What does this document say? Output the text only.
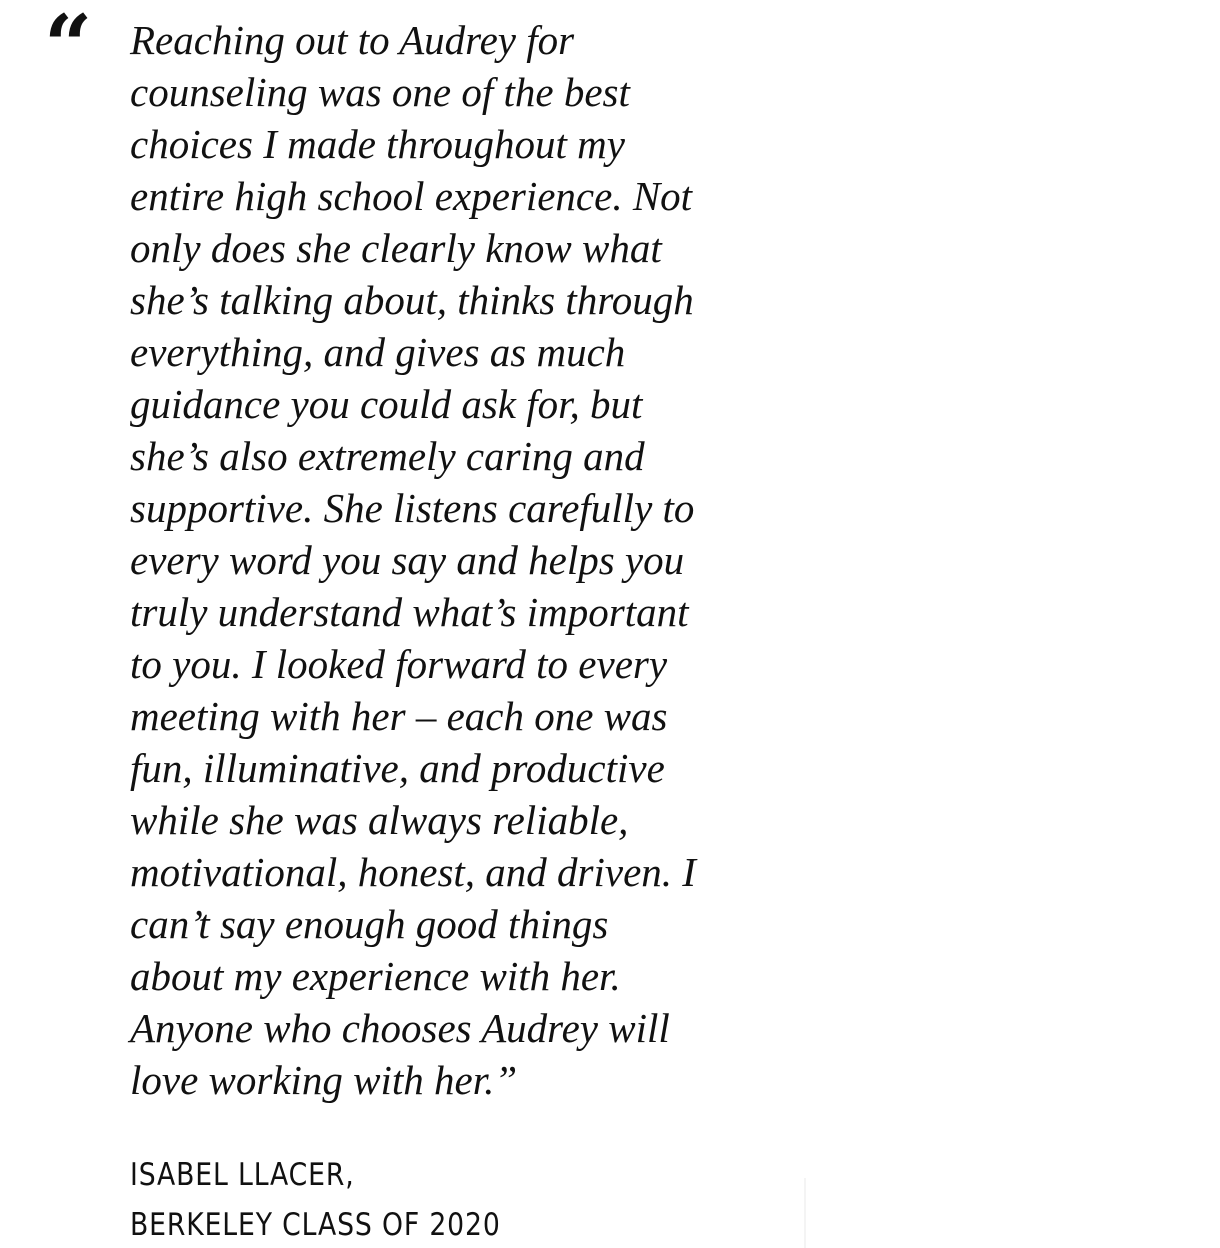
“ Reaching out to Audrey for
counseling was one of the best
choices I made throughout my
entire high school experience. Not
only does she clearly know what
she’s talking about, thinks through
everything, and gives as much
guidance you could ask for, but
she’s also extremely caring and
supportive. She listens carefully to
every word you say and helps you
truly understand what’s important
to you. I looked forward to every
meeting with her – each one was
fun, illuminative, and productive
while she was always reliable,
motivational, honest, and driven. I
can’t say enough good things
about my experience with her.
Anyone who chooses Audrey will
love working with her.”

ISABEL LLACER,
BERKELEY CLASS OF 2020
